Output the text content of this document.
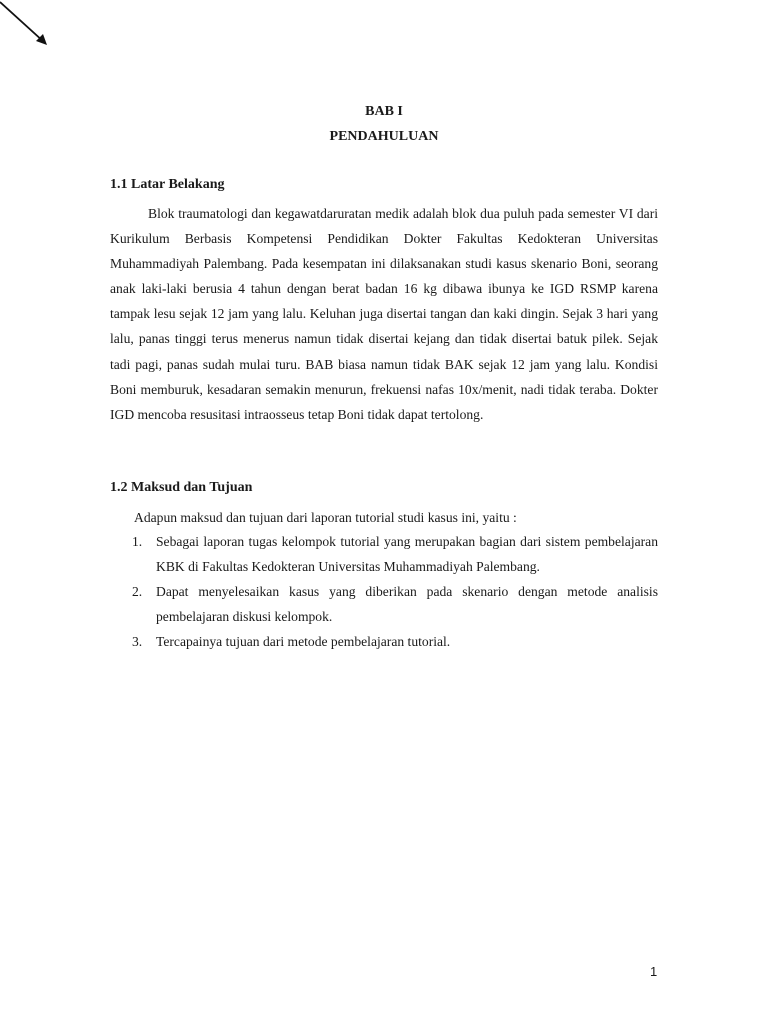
BAB I
PENDAHULUAN
1.1 Latar Belakang

Blok traumatologi dan kegawatdaruratan medik adalah blok dua puluh pada semester VI dari Kurikulum Berbasis Kompetensi Pendidikan Dokter Fakultas Kedokteran Universitas Muhammadiyah Palembang. Pada kesempatan ini dilaksanakan studi kasus skenario Boni, seorang anak laki-laki berusia 4 tahun dengan berat badan 16 kg dibawa ibunya ke IGD RSMP karena tampak lesu sejak 12 jam yang lalu. Keluhan juga disertai tangan dan kaki dingin. Sejak 3 hari yang lalu, panas tinggi terus menerus namun tidak disertai kejang dan tidak disertai batuk pilek. Sejak tadi pagi, panas sudah mulai turu. BAB biasa namun tidak BAK sejak 12 jam yang lalu. Kondisi Boni memburuk, kesadaran semakin menurun, frekuensi nafas 10x/menit, nadi tidak teraba. Dokter IGD mencoba resusitasi intraosseus tetap Boni tidak dapat tertolong.

1.2 Maksud dan Tujuan
Adapun maksud dan tujuan dari laporan tutorial studi kasus ini, yaitu :
1. Sebagai laporan tugas kelompok tutorial yang merupakan bagian dari sistem pembelajaran KBK di Fakultas Kedokteran Universitas Muhammadiyah Palembang.
2. Dapat menyelesaikan kasus yang diberikan pada skenario dengan metode analisis pembelajaran diskusi kelompok.
3. Tercapainya tujuan dari metode pembelajaran tutorial.
1
